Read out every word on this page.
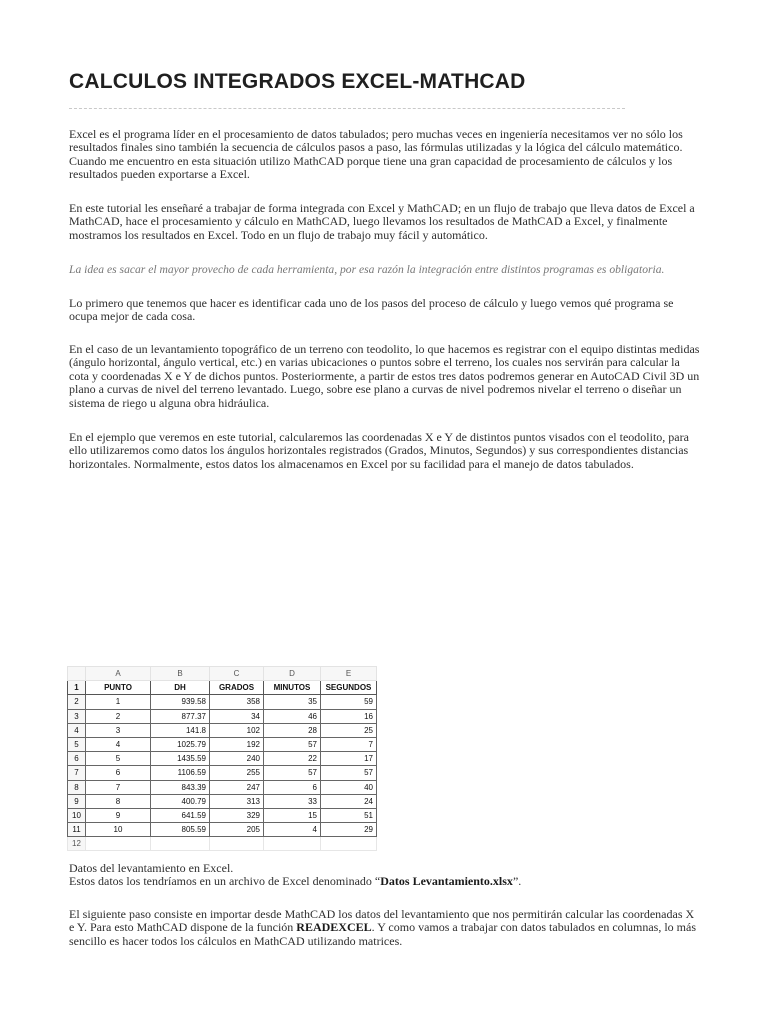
CALCULOS INTEGRADOS EXCEL-MATHCAD

Excel es el programa líder en el procesamiento de datos tabulados; pero muchas veces en ingeniería necesitamos ver no sólo los resultados finales sino también la secuencia de cálculos pasos a paso, las fórmulas utilizadas y la lógica del cálculo matemático. Cuando me encuentro en esta situación utilizo MathCAD porque tiene una gran capacidad de procesamiento de cálculos y los resultados pueden exportarse a Excel.

En este tutorial les enseñaré a trabajar de forma integrada con Excel y MathCAD; en un flujo de trabajo que lleva datos de Excel a MathCAD, hace el procesamiento y cálculo en MathCAD, luego llevamos los resultados de MathCAD a Excel, y finalmente mostramos los resultados en Excel. Todo en un flujo de trabajo muy fácil y automático.

La idea es sacar el mayor provecho de cada herramienta, por esa razón la integración entre distintos programas es obligatoria.

Lo primero que tenemos que hacer es identificar cada uno de los pasos del proceso de cálculo y luego vemos qué programa se ocupa mejor de cada cosa.

En el caso de un levantamiento topográfico de un terreno con teodolito, lo que hacemos es registrar con el equipo distintas medidas (ángulo horizontal, ángulo vertical, etc.) en varias ubicaciones o puntos sobre el terreno, los cuales nos servirán para calcular la cota y coordenadas X e Y de dichos puntos. Posteriormente, a partir de estos tres datos podremos generar en AutoCAD Civil 3D un plano a curvas de nivel del terreno levantado. Luego, sobre ese plano a curvas de nivel podremos nivelar el terreno o diseñar un sistema de riego u alguna obra hidráulica.

En el ejemplo que veremos en este tutorial, calcularemos las coordenadas X e Y de distintos puntos visados con el teodolito, para ello utilizaremos como datos los ángulos horizontales registrados (Grados, Minutos, Segundos) y sus correspondientes distancias horizontales. Normalmente, estos datos los almacenamos en Excel por su facilidad para el manejo de datos tabulados.

Datos del levantamiento en Excel.
Estos datos los tendríamos en un archivo de Excel denominado “Datos Levantamiento.xlsx”.

El siguiente paso consiste en importar desde MathCAD los datos del levantamiento que nos permitirán calcular las coordenadas X e Y. Para esto MathCAD dispone de la función READEXCEL. Y como vamos a trabajar con datos tabulados en columnas, lo más sencillo es hacer todos los cálculos en MathCAD utilizando matrices.

	A	B	C	D	E
1	PUNTO	DH	GRADOS	MINUTOS	SEGUNDOS
2	1	939.58	358	35	59
3	2	877.37	34	46	16
4	3	141.8	102	28	25
5	4	1025.79	192	57	7
6	5	1435.59	240	22	17
7	6	1106.59	255	57	57
8	7	843.39	247	6	40
9	8	400.79	313	33	24
10	9	641.59	329	15	51
11	10	805.59	205	4	29
12					
